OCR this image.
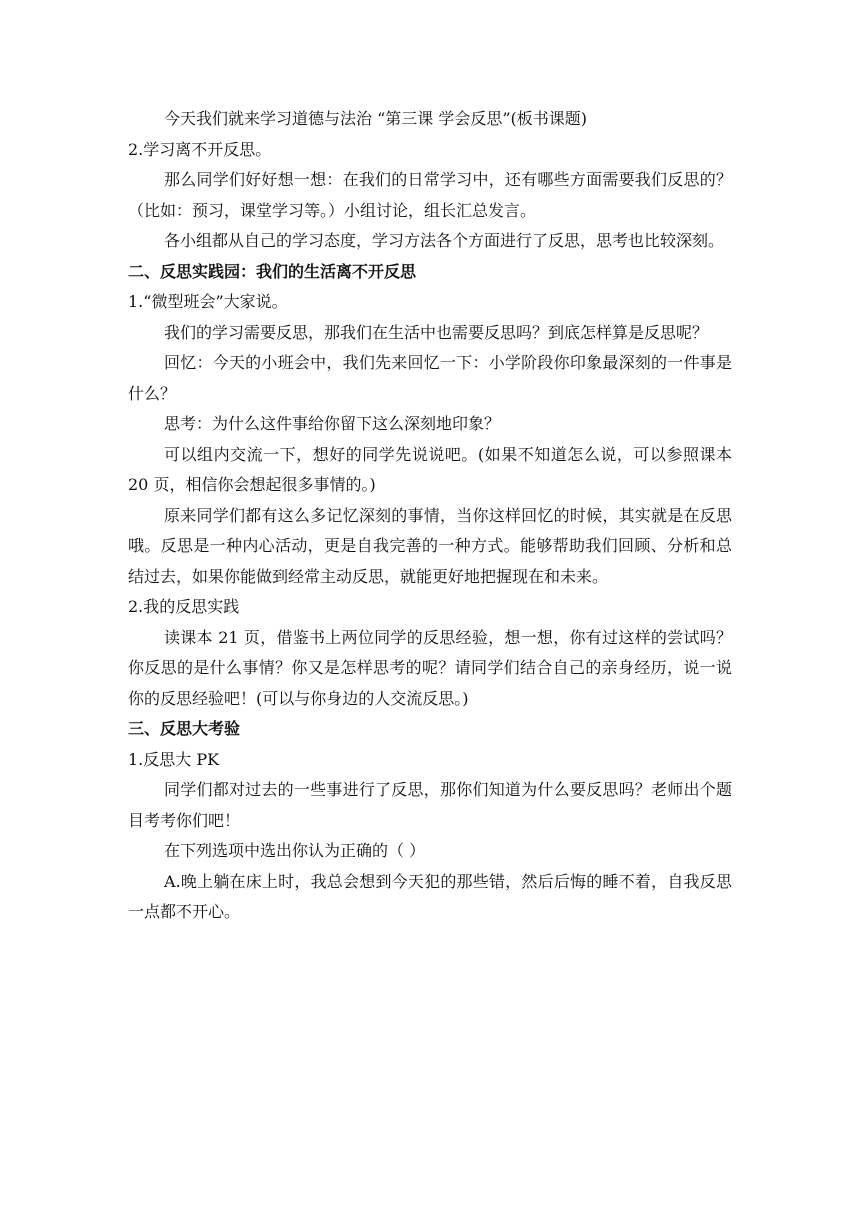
今天我们就来学习道德与法治 “第三课 学会反思”(板书课题)

2.学习离不开反思。

那么同学们好好想一想：在我们的日常学习中，还有哪些方面需要我们反思的？（比如：预习，课堂学习等。）小组讨论，组长汇总发言。

各小组都从自己的学习态度，学习方法各个方面进行了反思，思考也比较深刻。

二、反思实践园：我们的生活离不开反思

1.“微型班会”大家说。

我们的学习需要反思，那我们在生活中也需要反思吗？到底怎样算是反思呢？

回忆：今天的小班会中，我们先来回忆一下：小学阶段你印象最深刻的一件事是什么？

思考：为什么这件事给你留下这么深刻地印象？

可以组内交流一下，想好的同学先说说吧。(如果不知道怎么说，可以参照课本 20 页，相信你会想起很多事情的。)

原来同学们都有这么多记忆深刻的事情，当你这样回忆的时候，其实就是在反思哦。反思是一种内心活动，更是自我完善的一种方式。能够帮助我们回顾、分析和总结过去，如果你能做到经常主动反思，就能更好地把握现在和未来。

2.我的反思实践

读课本 21 页，借鉴书上两位同学的反思经验，想一想，你有过这样的尝试吗？你反思的是什么事情？你又是怎样思考的呢？请同学们结合自己的亲身经历，说一说你的反思经验吧！(可以与你身边的人交流反思。)

三、反思大考验

1.反思大 PK

同学们都对过去的一些事进行了反思，那你们知道为什么要反思吗？老师出个题目考考你们吧！

在下列选项中选出你认为正确的（ ）

A.晚上躺在床上时，我总会想到今天犯的那些错，然后后悔的睡不着，自我反思一点都不开心。
